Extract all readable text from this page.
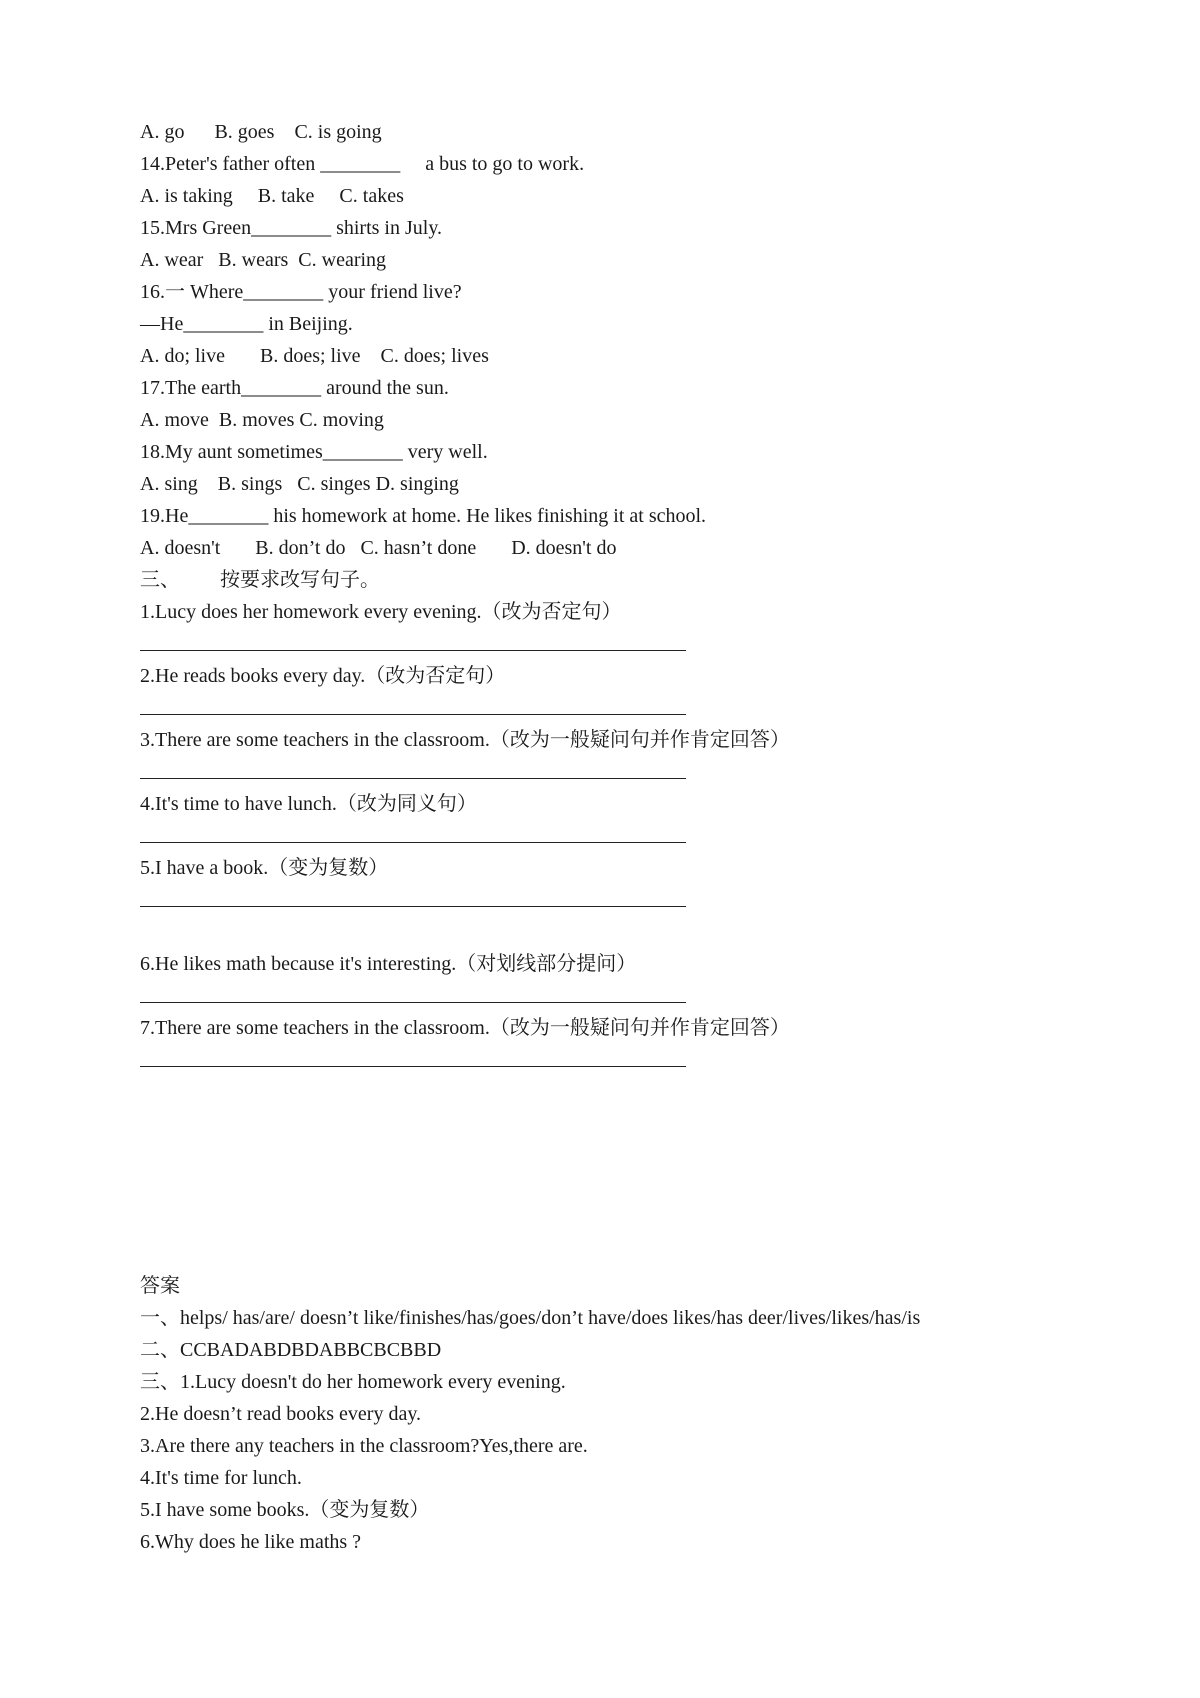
A. go      B. goes    C. is going

14.Peter's father often ________     a bus to go to work.

A. is taking     B. take     C. takes

15.Mrs Green________ shirts in July.

A. wear   B. wears  C. wearing

16.一 Where________ your friend live?

—He________ in Beijing.

A. do; live       B. does; live    C. does; lives

17.The earth________ around the sun.

A. move  B. moves C. moving

18.My aunt sometimes________ very well.

A. sing    B. sings   C. singes D. singing

19.He________ his homework at home. He likes finishing it at school.

A. doesn't       B. don’t do   C. hasn’t done       D. doesn't do

三、        按要求改写句子。

1.Lucy does her homework every evening.（改为否定句）

2.He reads books every day.（改为否定句）

3.There are some teachers in the classroom.（改为一般疑问句并作肯定回答）

4.It's time to have lunch.（改为同义句）

5.I have a book.（变为复数）

6.He likes math because it's interesting.（对划线部分提问）

7.There are some teachers in the classroom.（改为一般疑问句并作肯定回答）

答案

一、helps/ has/are/ doesn’t like/finishes/has/goes/don’t have/does likes/has deer/lives/likes/has/is

二、CCBADABDBDABBCBCBBD

三、1.Lucy doesn't do her homework every evening.

2.He doesn’t read books every day.

3.Are there any teachers in the classroom?Yes,there are.

4.It's time for lunch.

5.I have some books.（变为复数）

6.Why does he like maths ?
